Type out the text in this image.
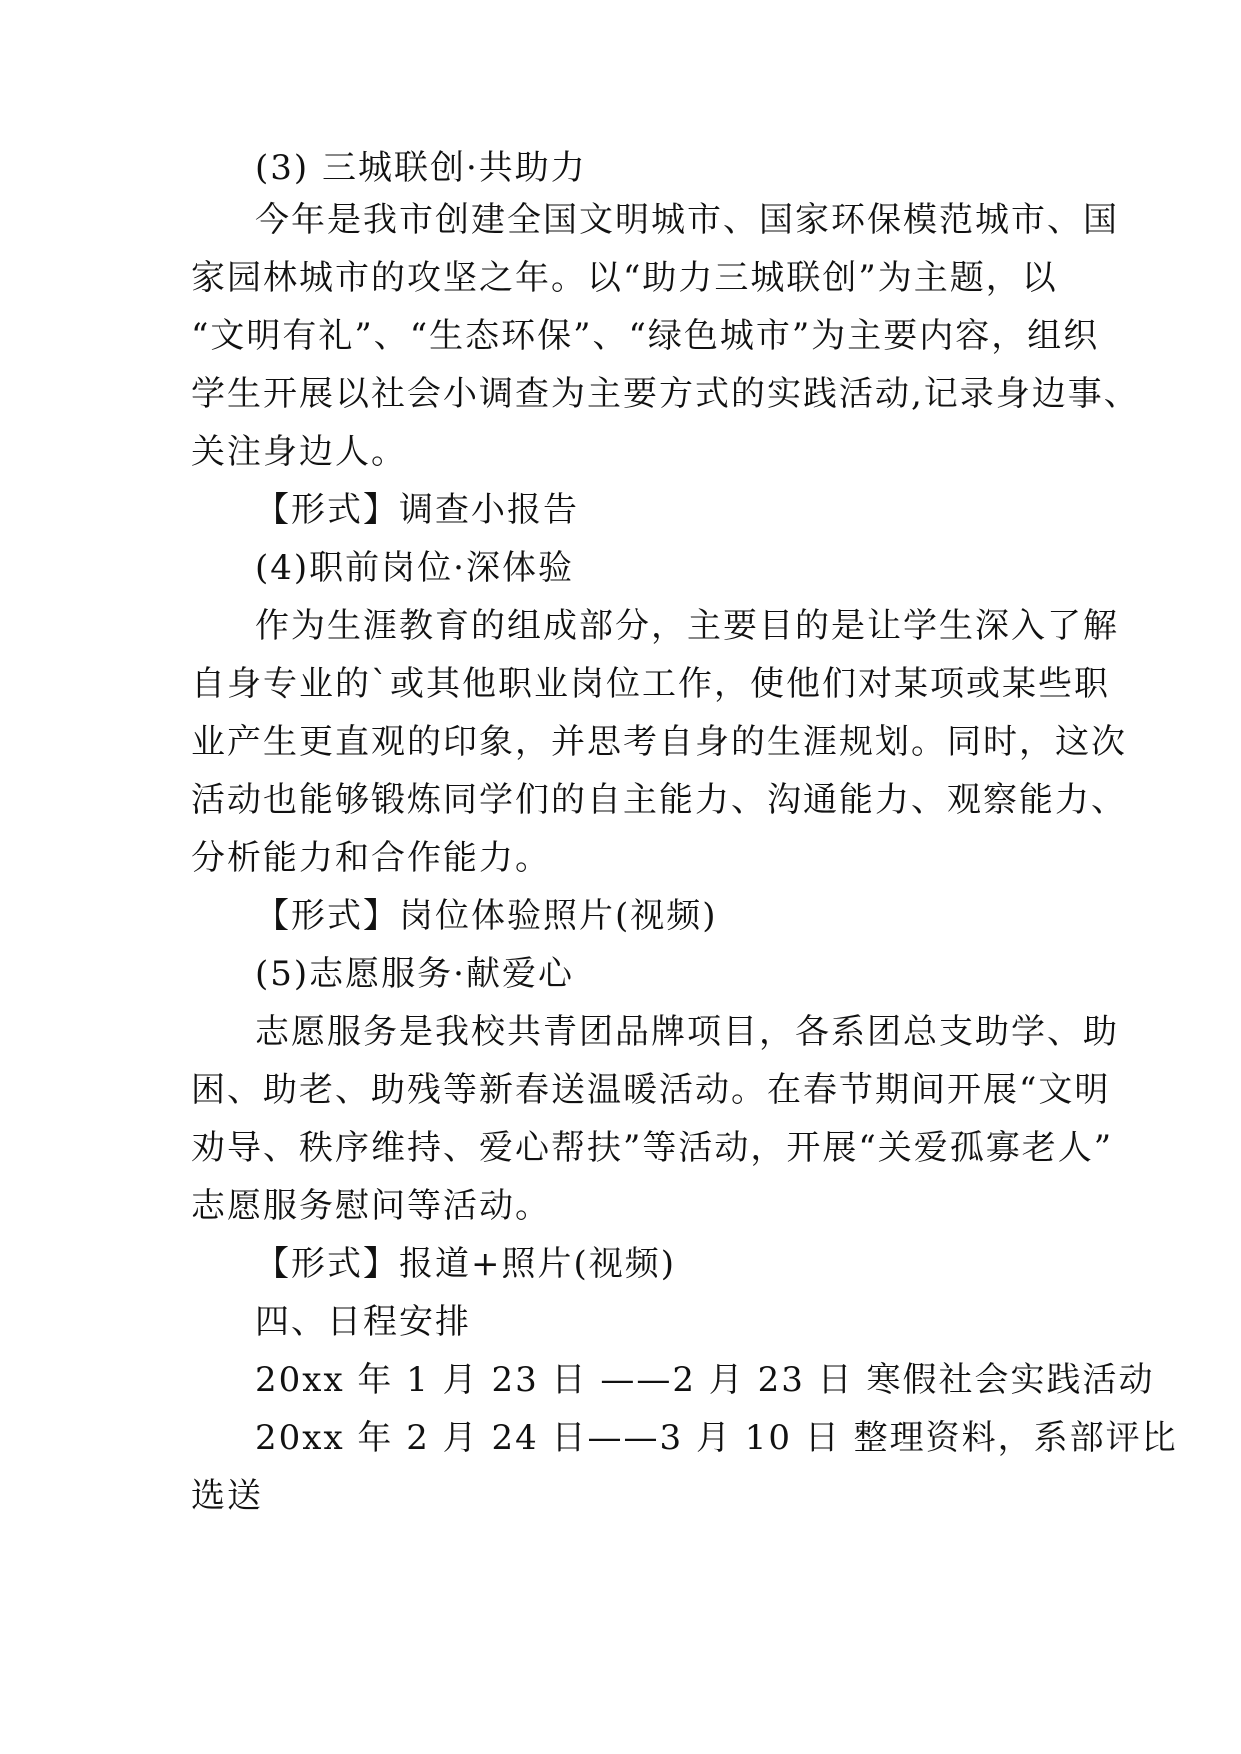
(3) 三城联创·共助力
今年是我市创建全国文明城市、国家环保模范城市、国
家园林城市的攻坚之年。以“助力三城联创”为主题，以
“文明有礼”、“生态环保”、“绿色城市”为主要内容，组织
学生开展以社会小调查为主要方式的实践活动,记录身边事、
关注身边人。
【形式】调查小报告
(4)职前岗位·深体验
作为生涯教育的组成部分，主要目的是让学生深入了解
自身专业的`或其他职业岗位工作，使他们对某项或某些职
业产生更直观的印象，并思考自身的生涯规划。同时，这次
活动也能够锻炼同学们的自主能力、沟通能力、观察能力、
分析能力和合作能力。
【形式】岗位体验照片(视频)
(5)志愿服务·献爱心
志愿服务是我校共青团品牌项目，各系团总支助学、助
困、助老、助残等新春送温暖活动。在春节期间开展“文明
劝导、秩序维持、爱心帮扶”等活动，开展“关爱孤寡老人”
志愿服务慰问等活动。
【形式】报道+照片(视频)
四、日程安排
20xx 年 1 月 23 日 ——2 月 23 日 寒假社会实践活动
20xx 年 2 月 24 日——3 月 10 日 整理资料，系部评比
选送
